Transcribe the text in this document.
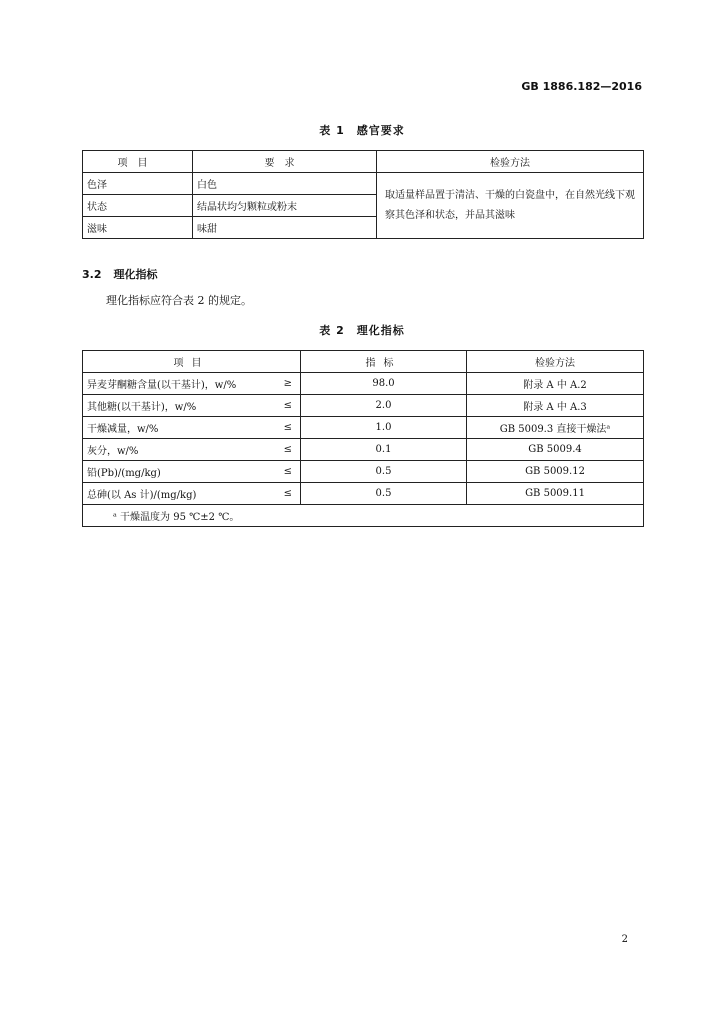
GB 1886.182—2016
表 1　感官要求
项目	要求	检验方法
色泽	白色	取适量样品置于清洁、干燥的白瓷盘中，在自然光线下观察其色泽和状态，并品其滋味
状态	结晶状均匀颗粒或粉末	
滋味	味甜	
3.2 理化指标
理化指标应符合表 2 的规定。
表 2　理化指标
项目		指标	检验方法
异麦芽酮糖含量(以干基计)，w/%	≥	98.0	附录 A 中 A.2
其他糖(以干基计)，w/%	≤	2.0	附录 A 中 A.3
干燥减量，w/%	≤	1.0	GB 5009.3 直接干燥法ᵃ
灰分，w/%	≤	0.1	GB 5009.4
铅(Pb)/(mg/kg)	≤	0.5	GB 5009.12
总砷(以 As 计)/(mg/kg)	≤	0.5	GB 5009.11
ᵃ 干燥温度为 95 ℃±2 ℃。			
2
